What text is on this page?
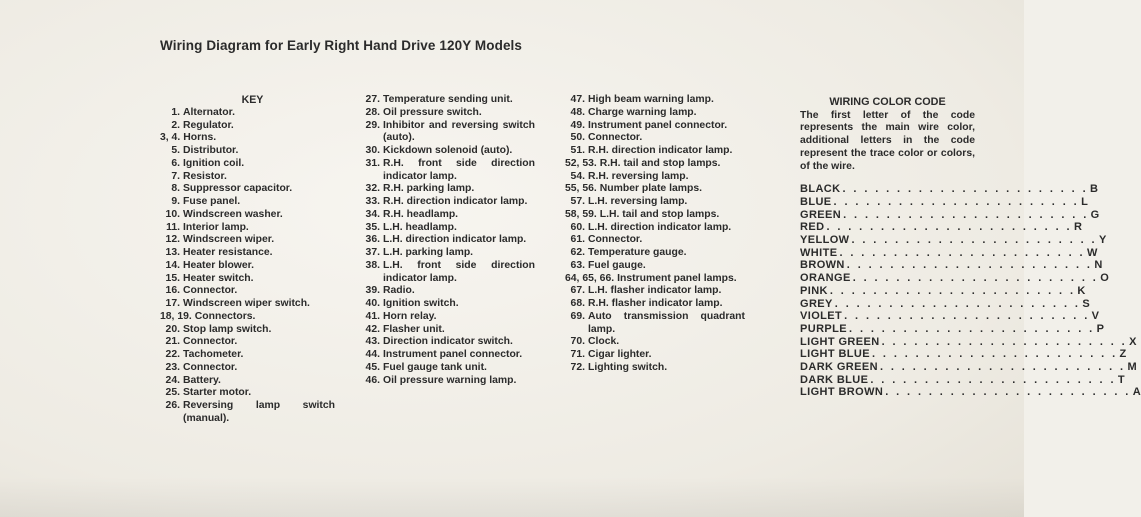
Wiring Diagram for Early Right Hand Drive 120Y Models
KEY
1. Alternator.
2. Regulator.
3, 4. Horns.
5. Distributor.
6. Ignition coil.
7. Resistor.
8. Suppressor capacitor.
9. Fuse panel.
10. Windscreen washer.
11. Interior lamp.
12. Windscreen wiper.
13. Heater resistance.
14. Heater blower.
15. Heater switch.
16. Connector.
17. Windscreen wiper switch.
18, 19. Connectors.
20. Stop lamp switch.
21. Connector.
22. Tachometer.
23. Connector.
24. Battery.
25. Starter motor.
26. Reversing lamp switch (manual).
27. Temperature sending unit.
28. Oil pressure switch.
29. Inhibitor and reversing switch (auto).
30. Kickdown solenoid (auto).
31. R.H. front side direction indicator lamp.
32. R.H. parking lamp.
33. R.H. direction indicator lamp.
34. R.H. headlamp.
35. L.H. headlamp.
36. L.H. direction indicator lamp.
37. L.H. parking lamp.
38. L.H. front side direction indicator lamp.
39. Radio.
40. Ignition switch.
41. Horn relay.
42. Flasher unit.
43. Direction indicator switch.
44. Instrument panel connector.
45. Fuel gauge tank unit.
46. Oil pressure warning lamp.
47. High beam warning lamp.
48. Charge warning lamp.
49. Instrument panel connector.
50. Connector.
51. R.H. direction indicator lamp.
52, 53. R.H. tail and stop lamps.
54. R.H. reversing lamp.
55, 56. Number plate lamps.
57. L.H. reversing lamp.
58, 59. L.H. tail and stop lamps.
60. L.H. direction indicator lamp.
61. Connector.
62. Temperature gauge.
63. Fuel gauge.
64, 65, 66. Instrument panel lamps.
67. L.H. flasher indicator lamp.
68. R.H. flasher indicator lamp.
69. Auto transmission quadrant lamp.
70. Clock.
71. Cigar lighter.
72. Lighting switch.
WIRING COLOR CODE
The first letter of the code represents the main wire color, additional letters in the code represent the trace color or colors, of the wire.
BLACK . . . . . . . . . . . . . . . . . . . . . . . B
BLUE . . . . . . . . . . . . . . . . . . . . . . . L
GREEN . . . . . . . . . . . . . . . . . . . . . . . G
RED . . . . . . . . . . . . . . . . . . . . . . . R
YELLOW . . . . . . . . . . . . . . . . . . . . . . . Y
WHITE . . . . . . . . . . . . . . . . . . . . . . . W
BROWN . . . . . . . . . . . . . . . . . . . . . . . N
ORANGE . . . . . . . . . . . . . . . . . . . . . . . O
PINK . . . . . . . . . . . . . . . . . . . . . . . K
GREY . . . . . . . . . . . . . . . . . . . . . . . S
VIOLET . . . . . . . . . . . . . . . . . . . . . . . V
PURPLE . . . . . . . . . . . . . . . . . . . . . . . P
LIGHT GREEN . . . . . . . . . . . . . . . . . . . . . . . X
LIGHT BLUE . . . . . . . . . . . . . . . . . . . . . . . Z
DARK GREEN . . . . . . . . . . . . . . . . . . . . . . . M
DARK BLUE . . . . . . . . . . . . . . . . . . . . . . . T
LIGHT BROWN . . . . . . . . . . . . . . . . . . . . . . . A
